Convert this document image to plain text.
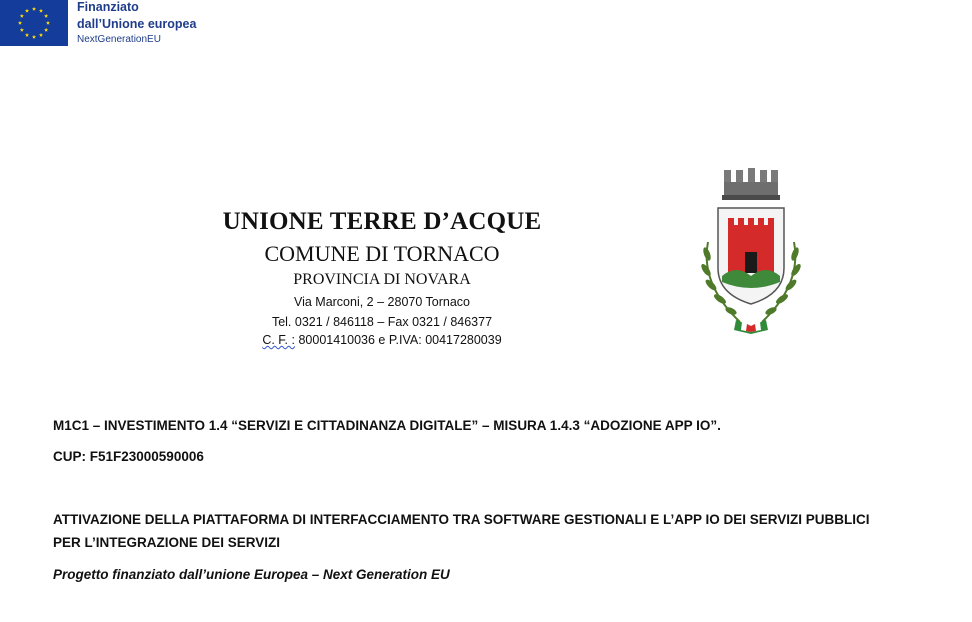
Finanziato
dall’Unione europea
NextGenerationEU
UNIONE TERRE D’ACQUE
COMUNE DI TORNACO
PROVINCIA DI NOVARA
Via Marconi, 2 – 28070 Tornaco
Tel. 0321 / 846118 – Fax 0321 / 846377
C. F. : 80001410036 e P.IVA: 00417280039
M1C1 – INVESTIMENTO 1.4 “SERVIZI E CITTADINANZA DIGITALE” – MISURA 1.4.3 “ADOZIONE APP IO”.
CUP: F51F23000590006
ATTIVAZIONE DELLA PIATTAFORMA DI INTERFACCIAMENTO TRA SOFTWARE GESTIONALI E L’APP IO DEI SERVIZI PUBBLICI
PER L’INTEGRAZIONE DEI SERVIZI
Progetto finanziato dall’unione Europea – Next Generation EU
